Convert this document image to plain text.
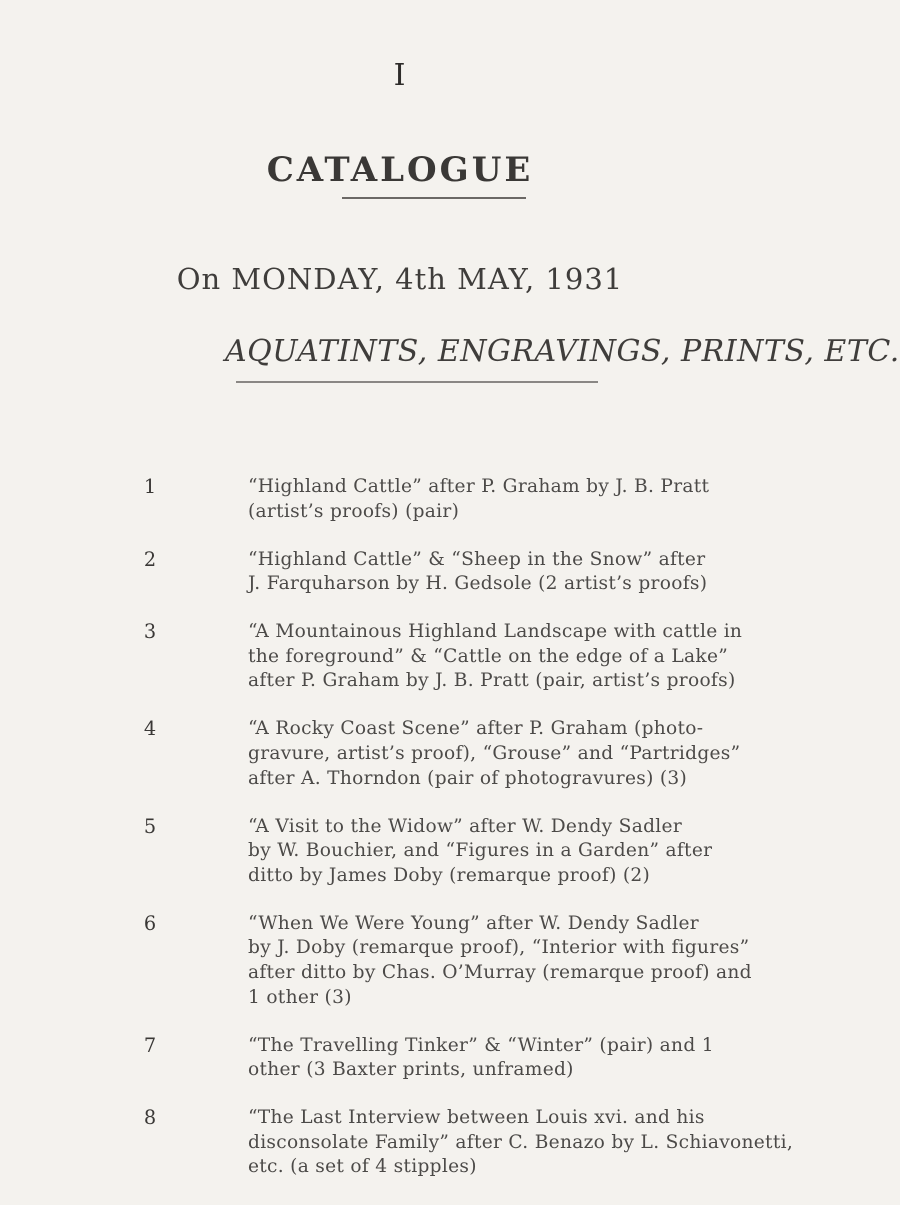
I
CATALOGUE
On MONDAY, 4th MAY, 1931
AQUATINTS, ENGRAVINGS, PRINTS, ETC.
1	“Highland Cattle” after P. Graham by J. B. Pratt
(artist’s proofs) (pair)
2	“Highland Cattle” & “Sheep in the Snow” after
J. Farquharson by H. Gedsole (2 artist’s proofs)
3	“A Mountainous Highland Landscape with cattle in
the foreground” & “Cattle on the edge of a Lake”
after P. Graham by J. B. Pratt (pair, artist’s proofs)
4	“A Rocky Coast Scene” after P. Graham (photo-
gravure, artist’s proof), “Grouse” and “Partridges”
after A. Thorndon (pair of photogravures) (3)
5	“A Visit to the Widow” after W. Dendy Sadler
by W. Bouchier, and “Figures in a Garden” after
ditto by James Doby (remarque proof) (2)
6	“When We Were Young” after W. Dendy Sadler
by J. Doby (remarque proof), “Interior with figures”
after ditto by Chas. O’Murray (remarque proof) and
1 other (3)
7	“The Travelling Tinker” & “Winter” (pair) and 1
other (3 Baxter prints, unframed)
8	“The Last Interview between Louis xvi. and his
disconsolate Family” after C. Benazo by L. Schiavonetti,
etc. (a set of 4 stipples)
